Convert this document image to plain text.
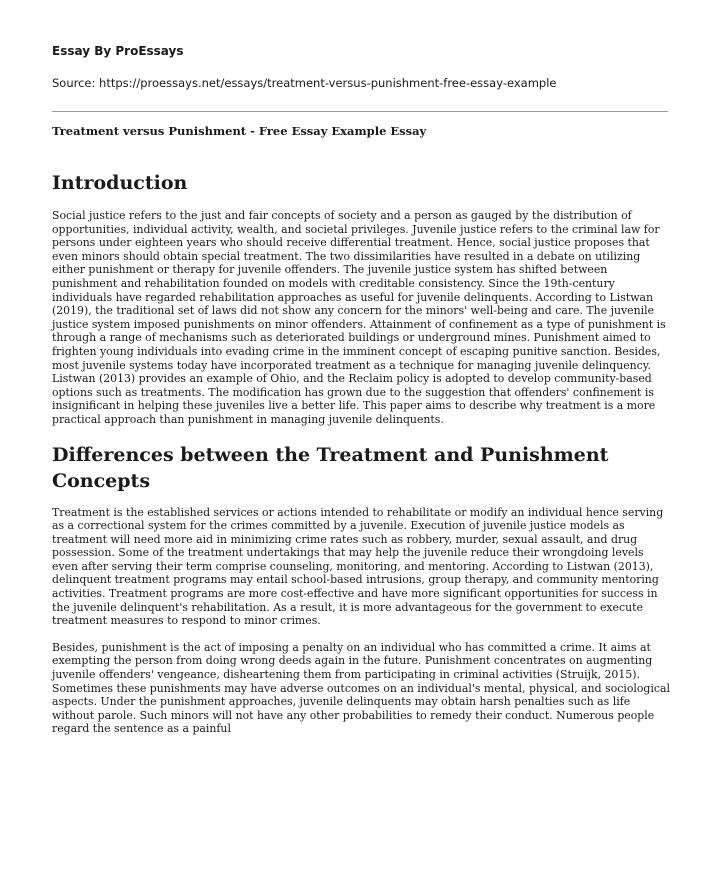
Essay By ProEssays
Source: https://proessays.net/essays/treatment-versus-punishment-free-essay-example
Treatment versus Punishment - Free Essay Example Essay
Introduction

Social justice refers to the just and fair concepts of society and a person as gauged by the distribution of opportunities, individual activity, wealth, and societal privileges. Juvenile justice refers to the criminal law for persons under eighteen years who should receive differential treatment. Hence, social justice proposes that even minors should obtain special treatment. The two dissimilarities have resulted in a debate on utilizing either punishment or therapy for juvenile offenders. The juvenile justice system has shifted between punishment and rehabilitation founded on models with creditable consistency. Since the 19th-century individuals have regarded rehabilitation approaches as useful for juvenile delinquents. According to Listwan (2019), the traditional set of laws did not show any concern for the minors' well-being and care. The juvenile justice system imposed punishments on minor offenders. Attainment of confinement as a type of punishment is through a range of mechanisms such as deteriorated buildings or underground mines. Punishment aimed to frighten young individuals into evading crime in the imminent concept of escaping punitive sanction. Besides, most juvenile systems today have incorporated treatment as a technique for managing juvenile delinquency. Listwan (2013) provides an example of Ohio, and the Reclaim policy is adopted to develop community-based options such as treatments. The modification has grown due to the suggestion that offenders' confinement is insignificant in helping these juveniles live a better life. This paper aims to describe why treatment is a more practical approach than punishment in managing juvenile delinquents.

Differences between the Treatment and Punishment Concepts

Treatment is the established services or actions intended to rehabilitate or modify an individual hence serving as a correctional system for the crimes committed by a juvenile. Execution of juvenile justice models as treatment will need more aid in minimizing crime rates such as robbery, murder, sexual assault, and drug possession. Some of the treatment undertakings that may help the juvenile reduce their wrongdoing levels even after serving their term comprise counseling, monitoring, and mentoring. According to Listwan (2013), delinquent treatment programs may entail school-based intrusions, group therapy, and community mentoring activities. Treatment programs are more cost-effective and have more significant opportunities for success in the juvenile delinquent's rehabilitation. As a result, it is more advantageous for the government to execute treatment measures to respond to minor crimes.

Besides, punishment is the act of imposing a penalty on an individual who has committed a crime. It aims at exempting the person from doing wrong deeds again in the future. Punishment concentrates on augmenting juvenile offenders' vengeance, disheartening them from participating in criminal activities (Struijk, 2015). Sometimes these punishments may have adverse outcomes on an individual's mental, physical, and sociological aspects. Under the punishment approaches, juvenile delinquents may obtain harsh penalties such as life without parole. Such minors will not have any other probabilities to remedy their conduct. Numerous people regard the sentence as a painful
